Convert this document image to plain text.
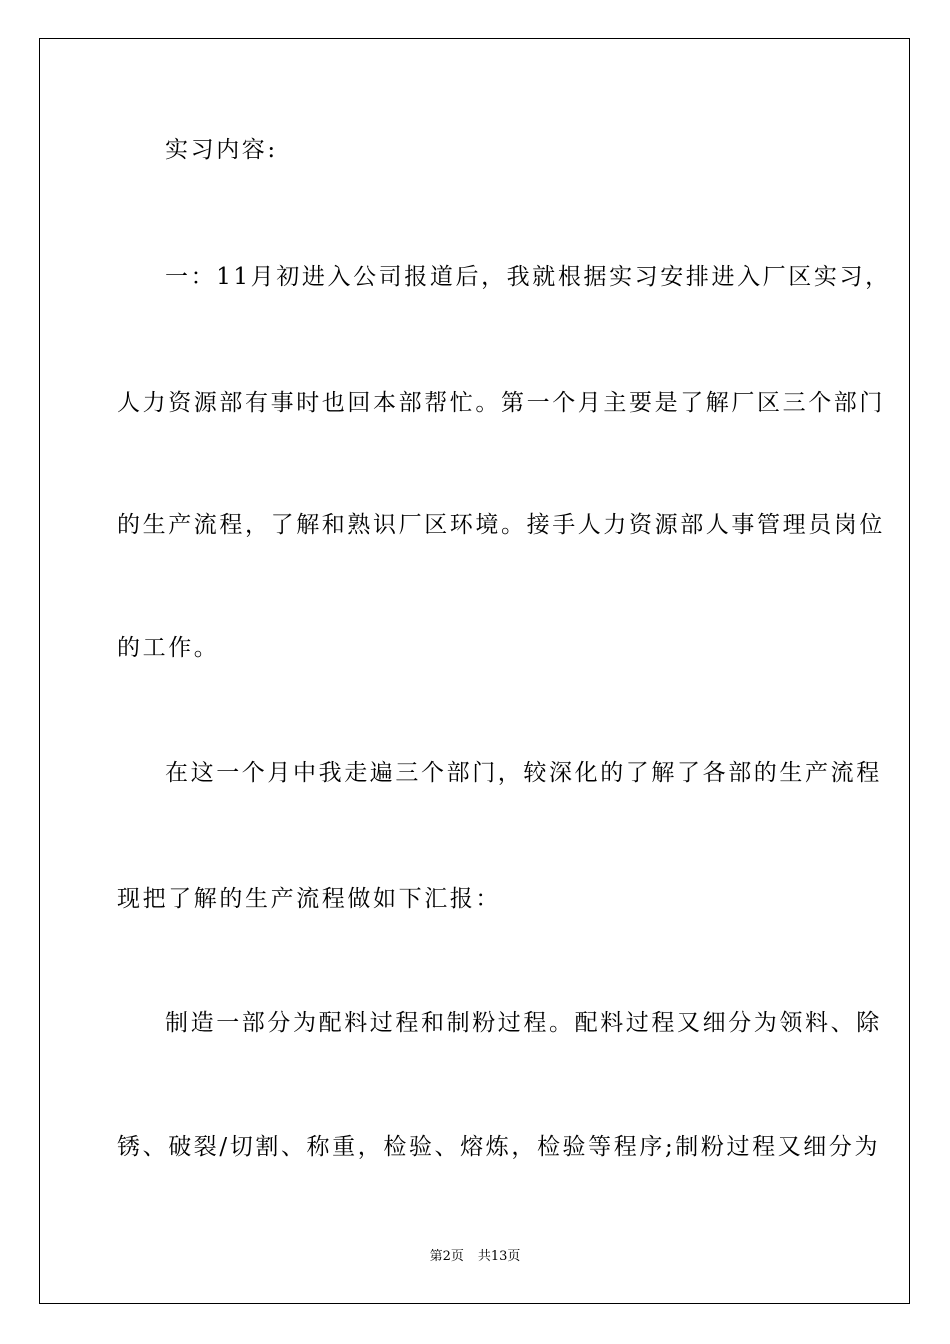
实习内容:
一：11月初进入公司报道后，我就根据实习安排进入厂区实习，
人力资源部有事时也回本部帮忙。第一个月主要是了解厂区三个部门
的生产流程，了解和熟识厂区环境。接手人力资源部人事管理员岗位
的工作。
在这一个月中我走遍三个部门，较深化的了解了各部的生产流程
现把了解的生产流程做如下汇报：
制造一部分为配料过程和制粉过程。配料过程又细分为领料、除
锈、破裂/切割、称重，检验、熔炼，检验等程序;制粉过程又细分为
第2页 共13页
